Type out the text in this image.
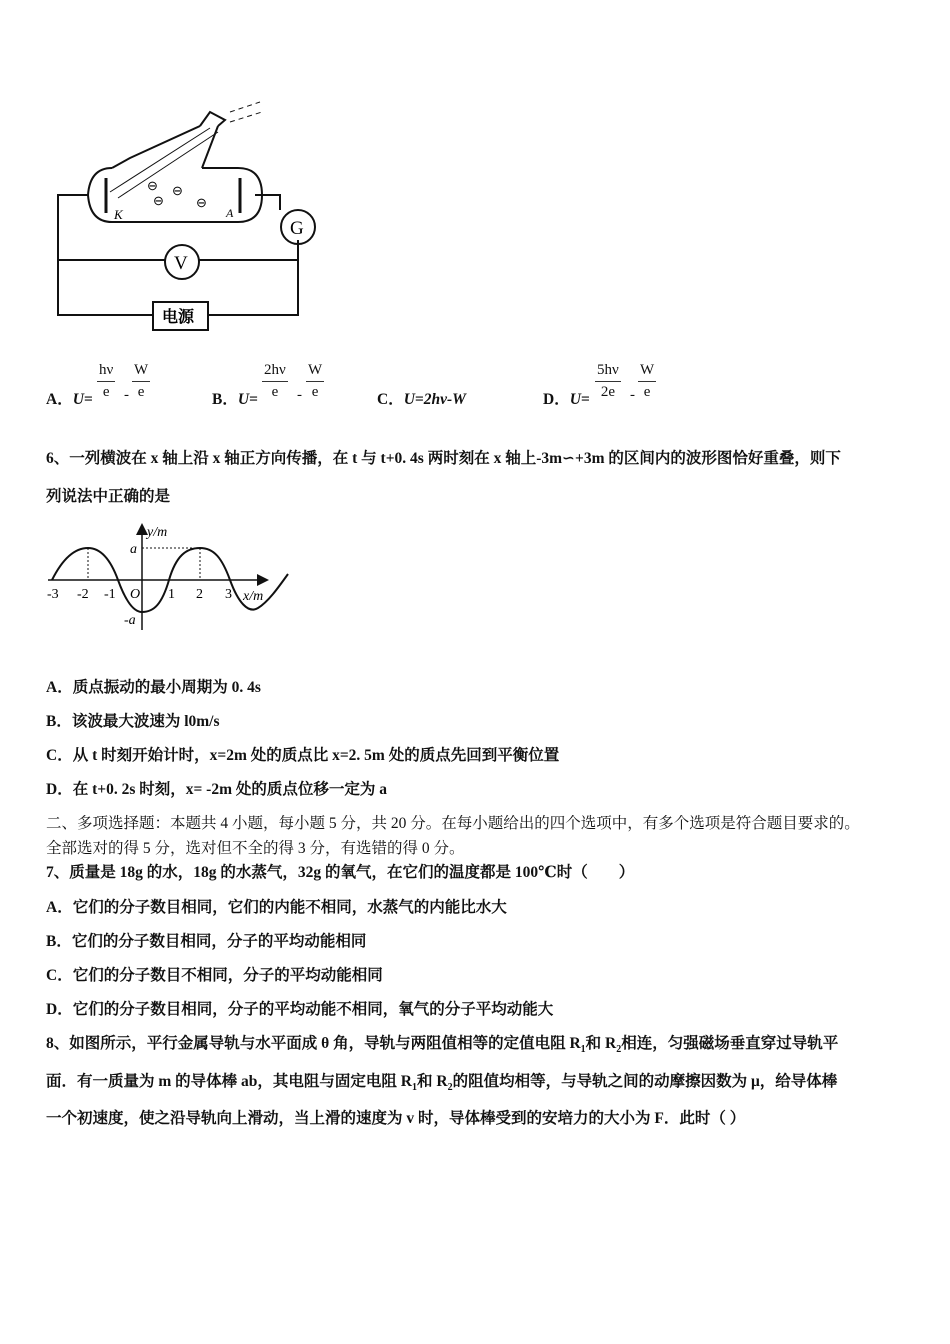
K	A
⊖ ⊖
⊖ ⊖
G
V
电源
A．$U= \frac{h\nu}{e} - \frac{W}{e}$	B．$U= \frac{2h\nu}{e} - \frac{W}{e}$	C．U=2hν-W	D．$U= \frac{5h\nu}{2e} - \frac{W}{e}$
6、一列横波在 x 轴上沿 x 轴正方向传播，在 t 与 t+0. 4s 两时刻在 x 轴上-3m∽+3m 的区间内的波形图恰好重叠，则下
列说法中正确的是
y/m
x/m
a
-a
O
-3 -2 -1	1 2 3
A．质点振动的最小周期为 0. 4s
B．该波最大波速为 l0m/s
C．从 t 时刻开始计时，x=2m 处的质点比 x=2. 5m 处的质点先回到平衡位置
D．在 t+0. 2s 时刻，x= -2m 处的质点位移一定为 a
二、多项选择题：本题共 4 小题，每小题 5 分，共 20 分。在每小题给出的四个选项中，有多个选项是符合题目要求的。
全部选对的得 5 分，选对但不全的得 3 分，有选错的得 0 分。
7、质量是 18g 的水，18g 的水蒸气，32g 的氧气，在它们的温度都是 100℃时（　　）
A．它们的分子数目相同，它们的内能不相同，水蒸气的内能比水大
B．它们的分子数目相同，分子的平均动能相同
C．它们的分子数目不相同，分子的平均动能相同
D．它们的分子数目相同，分子的平均动能不相同，氧气的分子平均动能大
8、如图所示，平行金属导轨与水平面成 θ 角，导轨与两阻值相等的定值电阻 $R_1$和 $R_2$相连，匀强磁场垂直穿过导轨平
面．有一质量为 m 的导体棒 ab，其电阻与固定电阻 $R_1$和 $R_2$的阻值均相等，与导轨之间的动摩擦因数为 μ，给导体棒
一个初速度，使之沿导轨向上滑动，当上滑的速度为 v 时，导体棒受到的安培力的大小为 F．此时（ ）
